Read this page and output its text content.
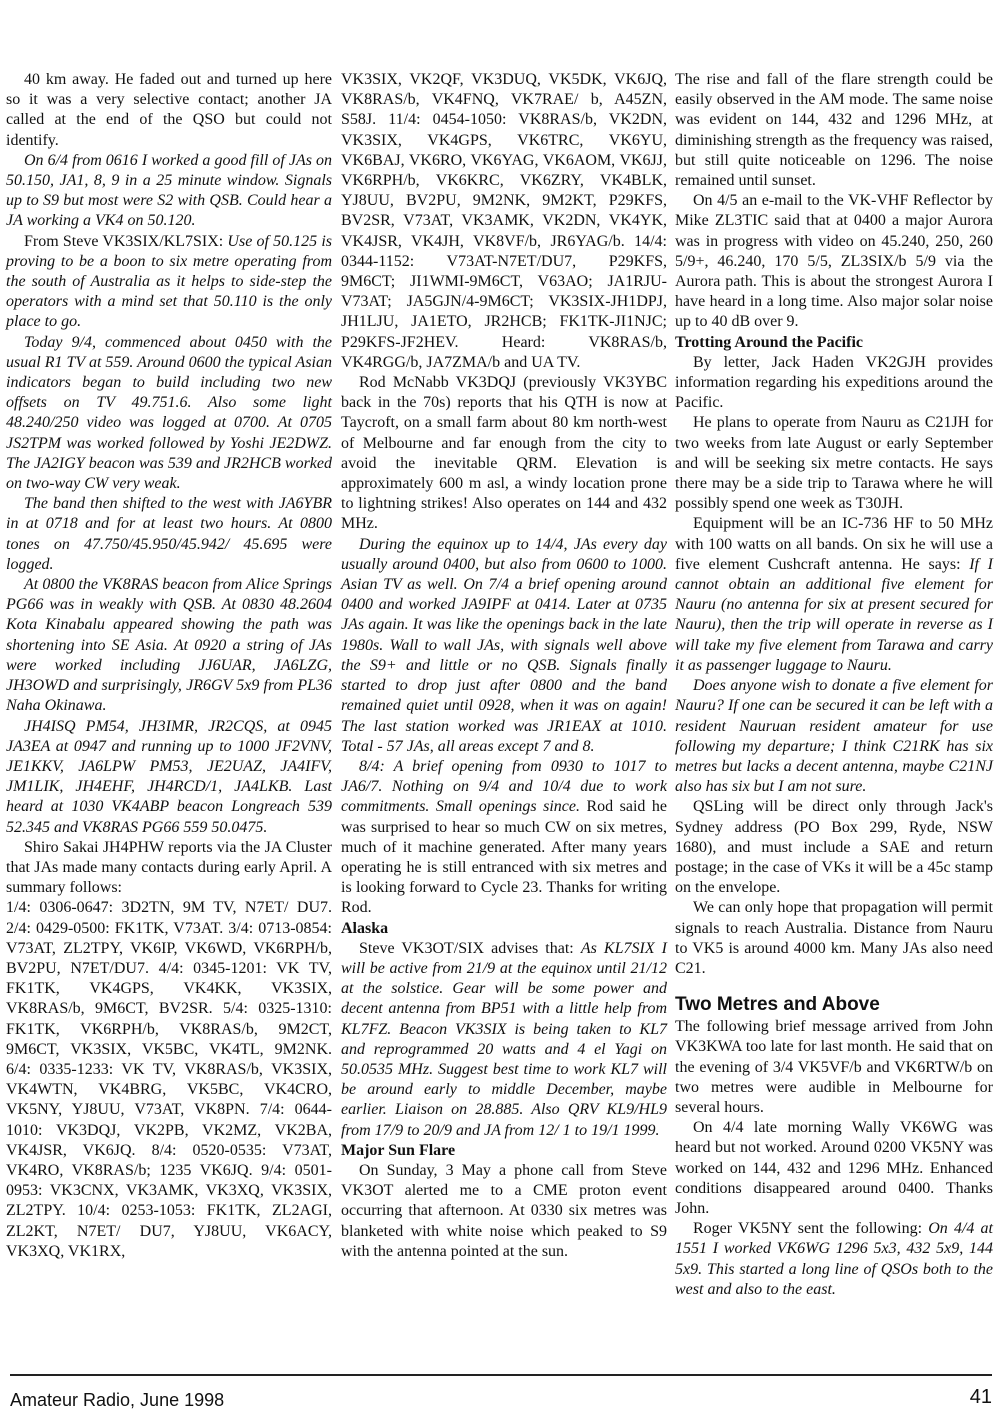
40 km away. He faded out and turned up here so it was a very selective contact; another JA called at the end of the QSO but could not identify.

On 6/4 from 0616 I worked a good fill of JAs on 50.150, JA1, 8, 9 in a 25 minute window. Signals up to S9 but most were S2 with QSB. Could hear a JA working a VK4 on 50.120.

From Steve VK3SIX/KL7SIX: Use of 50.125 is proving to be a boon to six metre operating from the south of Australia as it helps to side-step the operators with a mind set that 50.110 is the only place to go.

Today 9/4, commenced about 0450 with the usual R1 TV at 559. Around 0600 the typical Asian indicators began to build including two new offsets on TV 49.751.6. Also some light 48.240/250 video was logged at 0700. At 0705 JS2TPM was worked followed by Yoshi JE2DWZ. The JA2IGY beacon was 539 and JR2HCB worked on two-way CW very weak.

The band then shifted to the west with JA6YBR in at 0718 and for at least two hours. At 0800 tones on 47.750/45.950/45.942/ 45.695 were logged.

At 0800 the VK8RAS beacon from Alice Springs PG66 was in weakly with QSB. At 0830 48.2604 Kota Kinabalu appeared showing the path was shortening into SE Asia. At 0920 a string of JAs were worked including JJ6UAR, JA6LZG, JH3OWD and surprisingly, JR6GV 5x9 from PL36 Naha Okinawa.

JH4ISQ PM54, JH3IMR, JR2CQS, at 0945 JA3EA at 0947 and running up to 1000 JF2VNV, JE1KKV, JA6LPW PM53, JE2UAZ, JA4IFV, JM1LIK, JH4EHF, JH4RCD/1, JA4LKB. Last heard at 1030 VK4ABP beacon Longreach 539 52.345 and VK8RAS PG66 559 50.0475.

Shiro Sakai JH4PHW reports via the JA Cluster that JAs made many contacts during early April. A summary follows:

1/4: 0306-0647: 3D2TN, 9M TV, N7ET/ DU7. 2/4: 0429-0500: FK1TK, V73AT. 3/4: 0713-0854: V73AT, ZL2TPY, VK6IP, VK6WD, VK6RPH/b, BV2PU, N7ET/DU7. 4/4: 0345-1201: VK TV, FK1TK, VK4GPS, VK4KK, VK3SIX, VK8RAS/b, 9M6CT, BV2SR. 5/4: 0325-1310: FK1TK, VK6RPH/b, VK8RAS/b, 9M2CT, 9M6CT, VK3SIX, VK5BC, VK4TL, 9M2NK. 6/4: 0335-1233: VK TV, VK8RAS/b, VK3SIX, VK4WTN, VK4BRG, VK5BC, VK4CRO, VK5NY, YJ8UU, V73AT, VK8PN. 7/4: 0644-1010: VK3DQJ, VK2PB, VK2MZ, VK2BA, VK4JSR, VK6JQ. 8/4: 0520-0535: V73AT, VK4RO, VK8RAS/b; 1235 VK6JQ. 9/4: 0501-0953: VK3CNX, VK3AMK, VK3XQ, VK3SIX, ZL2TPY. 10/4: 0253-1053: FK1TK, ZL2AGI, ZL2KT, N7ET/ DU7, YJ8UU, VK6ACY, VK3XQ, VK1RX,

VK3SIX, VK2QF, VK3DUQ, VK5DK, VK6JQ, VK8RAS/b, VK4FNQ, VK7RAE/ b, A45ZN, S58J. 11/4: 0454-1050: VK8RAS/b, VK2DN, VK3SIX, VK4GPS, VK6TRC, VK6YU, VK6BAJ, VK6RO, VK6YAG, VK6AOM, VK6JJ, VK6RPH/b, VK6KRC, VK6ZRY, VK4BLK, YJ8UU, BV2PU, 9M2NK, 9M2KT, P29KFS, BV2SR, V73AT, VK3AMK, VK2DN, VK4YK, VK4JSR, VK4JH, VK8VF/b, JR6YAG/b. 14/4: 0344-1152: V73AT-N7ET/DU7, P29KFS, 9M6CT; JI1WMI-9M6CT, V63AO; JA1RJU-V73AT; JA5GJN/4-9M6CT; VK3SIX-JH1DPJ, JH1LJU, JA1ETO, JR2HCB; FK1TK-JI1NJC; P29KFS-JF2HEV. Heard: VK8RAS/b, VK4RGG/b, JA7ZMA/b and UA TV.

Rod McNabb VK3DQJ (previously VK3YBC back in the 70s) reports that his QTH is now at Taycroft, on a small farm about 80 km north-west of Melbourne and far enough from the city to avoid the inevitable QRM. Elevation is approximately 600 m asl, a windy location prone to lightning strikes! Also operates on 144 and 432 MHz.

During the equinox up to 14/4, JAs every day usually around 0400, but also from 0600 to 1000. Asian TV as well. On 7/4 a brief opening around 0400 and worked JA9IPF at 0414. Later at 0735 JAs again. It was like the openings back in the late 1980s. Wall to wall JAs, with signals well above the S9+ and little or no QSB. Signals finally started to drop just after 0800 and the band remained quiet until 0928, when it was on again! The last station worked was JR1EAX at 1010. Total - 57 JAs, all areas except 7 and 8.

8/4: A brief opening from 0930 to 1017 to JA6/7. Nothing on 9/4 and 10/4 due to work commitments. Small openings since. Rod said he was surprised to hear so much CW on six metres, much of it machine generated. After many years operating he is still entranced with six metres and is looking forward to Cycle 23. Thanks for writing Rod.

Alaska

Steve VK3OT/SIX advises that: As KL7SIX I will be active from 21/9 at the equinox until 21/12 at the solstice. Gear will be some power and decent antenna from BP51 with a little help from KL7FZ. Beacon VK3SIX is being taken to KL7 and reprogrammed 20 watts and 4 el Yagi on 50.0535 MHz. Suggest best time to work KL7 will be around early to middle December, maybe earlier. Liaison on 28.885. Also QRV KL9/HL9 from 17/9 to 20/9 and JA from 12/ 1 to 19/1 1999.

Major Sun Flare

On Sunday, 3 May a phone call from Steve VK3OT alerted me to a CME proton event occurring that afternoon. At 0330 six metres was blanketed with white noise which peaked to S9 with the antenna pointed at the sun.

The rise and fall of the flare strength could be easily observed in the AM mode. The same noise was evident on 144, 432 and 1296 MHz, at diminishing strength as the frequency was raised, but still quite noticeable on 1296. The noise remained until sunset.

On 4/5 an e-mail to the VK-VHF Reflector by Mike ZL3TIC said that at 0400 a major Aurora was in progress with video on 45.240, 250, 260 5/9+, 46.240, 170 5/5, ZL3SIX/b 5/9 via the Aurora path. This is about the strongest Aurora I have heard in a long time. Also major solar noise up to 40 dB over 9.

Trotting Around the Pacific

By letter, Jack Haden VK2GJH provides information regarding his expeditions around the Pacific.

He plans to operate from Nauru as C21JH for two weeks from late August or early September and will be seeking six metre contacts. He says there may be a side trip to Tarawa where he will possibly spend one week as T30JH.

Equipment will be an IC-736 HF to 50 MHz with 100 watts on all bands. On six he will use a five element Cushcraft antenna. He says: If I cannot obtain an additional five element for Nauru (no antenna for six at present secured for Nauru), then the trip will operate in reverse as I will take my five element from Tarawa and carry it as passenger luggage to Nauru.

Does anyone wish to donate a five element for Nauru? If one can be secured it can be left with a resident Nauruan resident amateur for use following my departure; I think C21RK has six metres but lacks a decent antenna, maybe C21NJ also has six but I am not sure.

QSLing will be direct only through Jack's Sydney address (PO Box 299, Ryde, NSW 1680), and must include a SAE and return postage; in the case of VKs it will be a 45c stamp on the envelope.

We can only hope that propagation will permit signals to reach Australia. Distance from Nauru to VK5 is around 4000 km. Many JAs also need C21.

Two Metres and Above

The following brief message arrived from John VK3KWA too late for last month. He said that on the evening of 3/4 VK5VF/b and VK6RTW/b on two metres were audible in Melbourne for several hours.

On 4/4 late morning Wally VK6WG was heard but not worked. Around 0200 VK5NY was worked on 144, 432 and 1296 MHz. Enhanced conditions disappeared around 0400. Thanks John.

Roger VK5NY sent the following: On 4/4 at 1551 I worked VK6WG 1296 5x3, 432 5x9, 144 5x9. This started a long line of QSOs both to the west and also to the east.

Amateur Radio, June 1998	41
